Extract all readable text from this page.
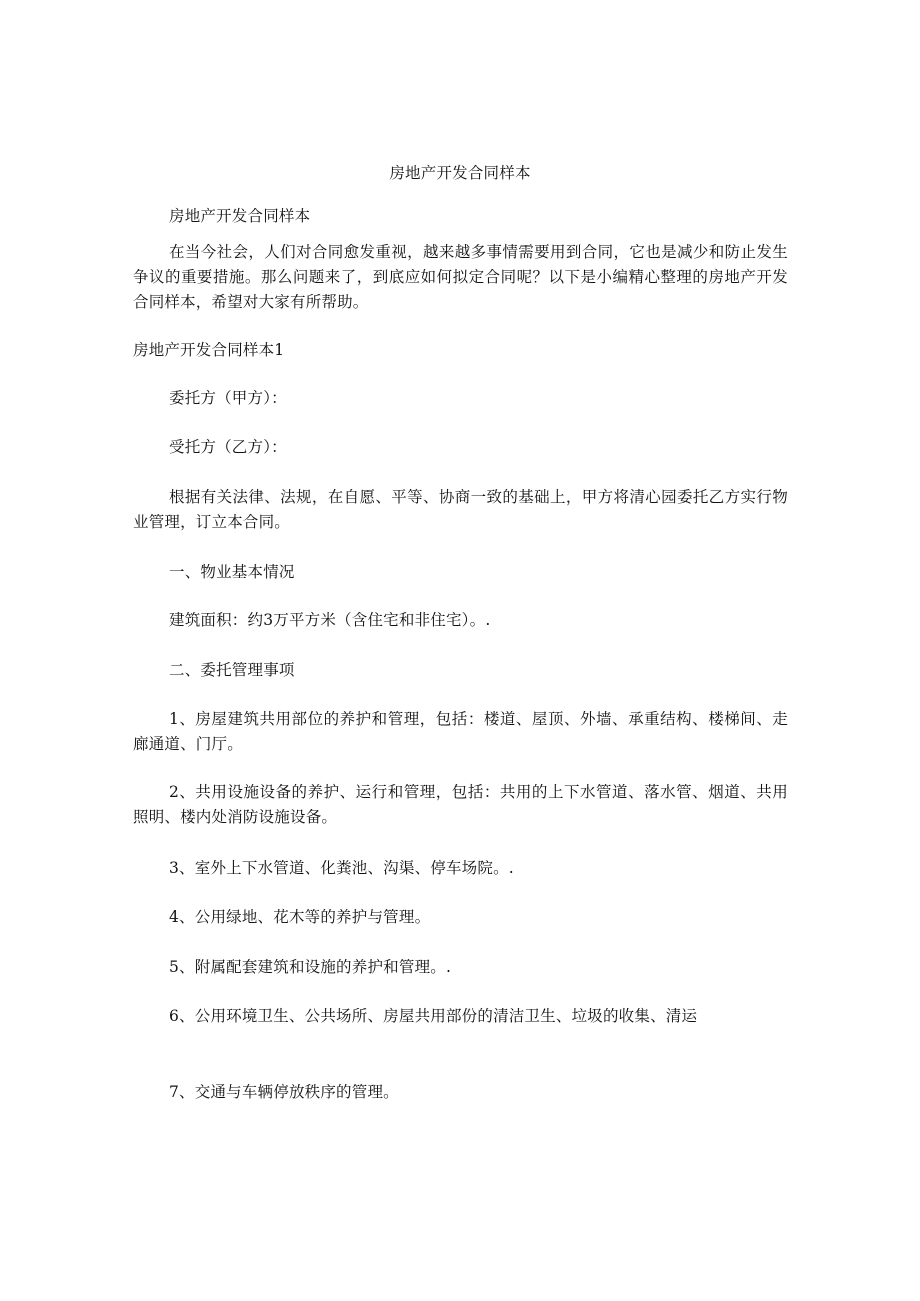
房地产开发合同样本
房地产开发合同样本
在当今社会，人们对合同愈发重视，越来越多事情需要用到合同，它也是减少和防止发生争议的重要措施。那么问题来了，到底应如何拟定合同呢？以下是小编精心整理的房地产开发合同样本，希望对大家有所帮助。
房地产开发合同样本1
委托方（甲方）：
受托方（乙方）：
根据有关法律、法规，在自愿、平等、协商一致的基础上，甲方将清心园委托乙方实行物业管理，订立本合同。
一、物业基本情况
建筑面积：约3万平方米（含住宅和非住宅）。.
二、委托管理事项
1、房屋建筑共用部位的养护和管理，包括：楼道、屋顶、外墙、承重结构、楼梯间、走廊通道、门厅。
2、共用设施设备的养护、运行和管理，包括：共用的上下水管道、落水管、烟道、共用照明、楼内处消防设施设备。
3、室外上下水管道、化粪池、沟渠、停车场院。.
4、公用绿地、花木等的养护与管理。
5、附属配套建筑和设施的养护和管理。.
6、公用环境卫生、公共场所、房屋共用部份的清洁卫生、垃圾的收集、清运
7、交通与车辆停放秩序的管理。
